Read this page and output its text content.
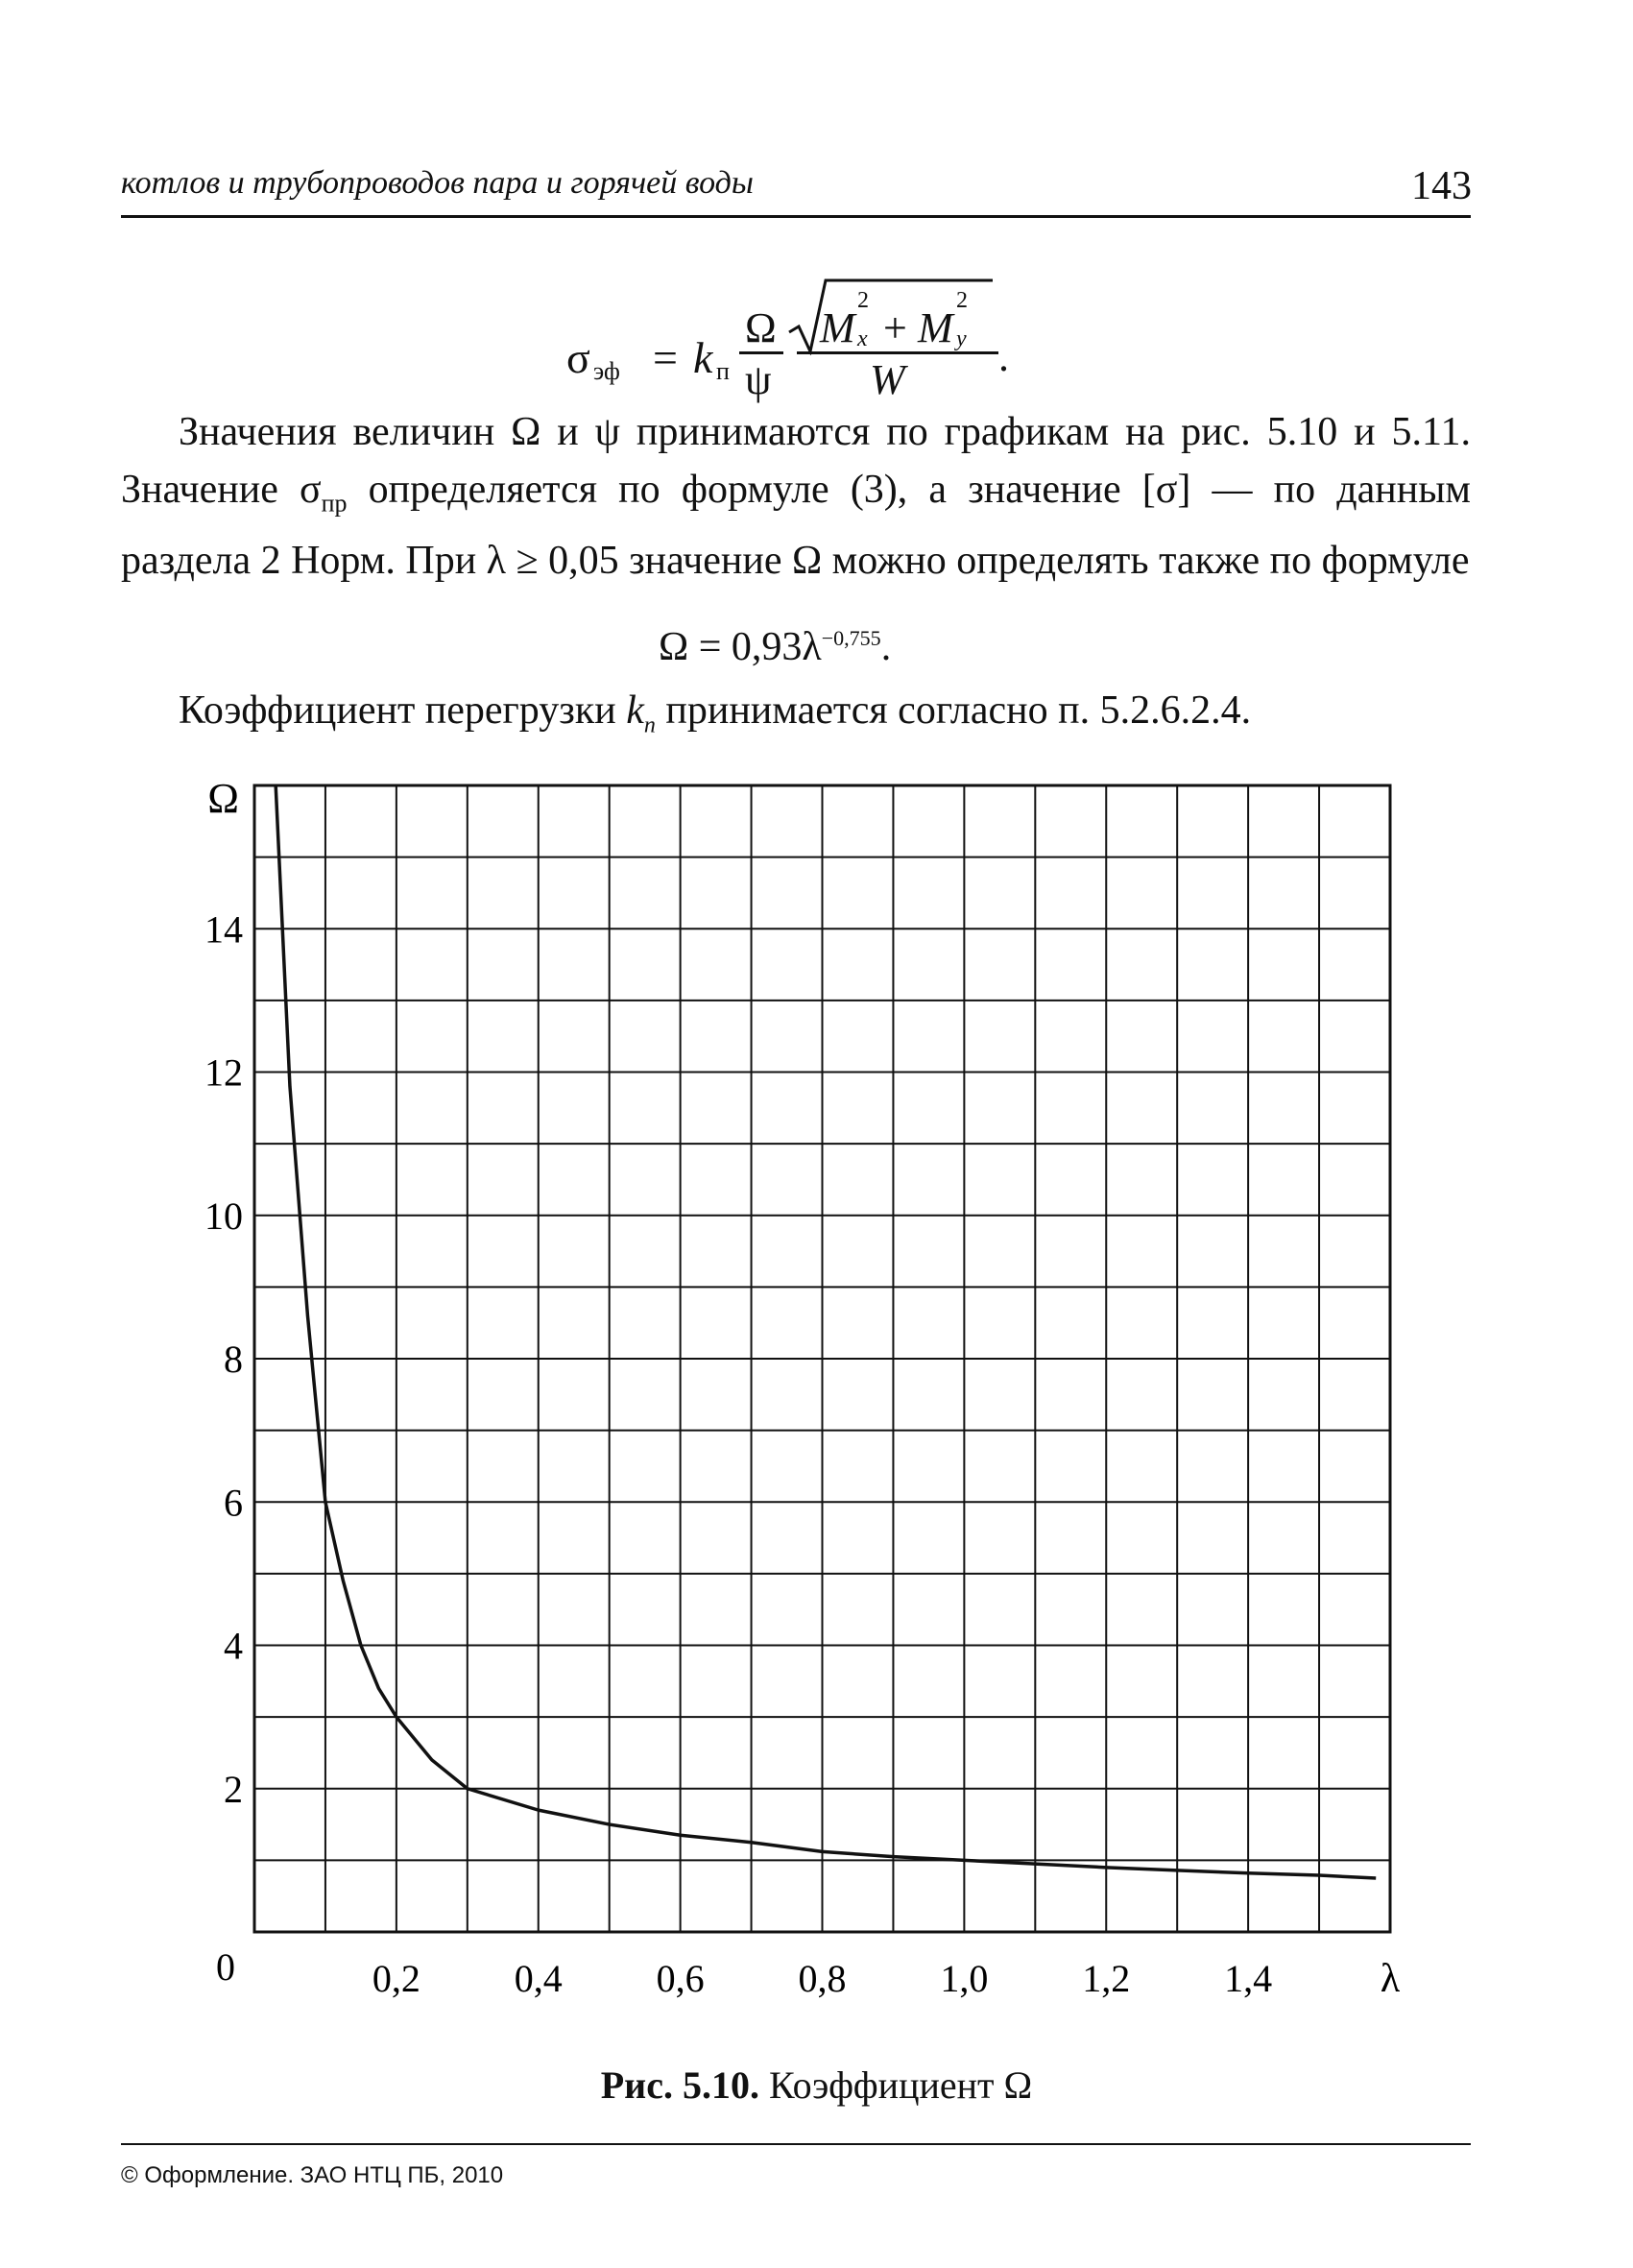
котлов и трубопроводов пара и горячей воды	143
σ эф = k п
Ω
ψ
M
2
x + M
2
y
W .
Значения величин Ω и ψ принимаются по графикам на рис. 5.10 и 5.11. Значение $\sigma_{пр}$ определяется по формуле (3), а значение [σ] — по данным раздела 2 Норм. При λ ≥ 0,05 значение Ω можно определять также по формуле
$\Omega = 0,93\lambda^{-0,755}$.
Коэффициент перегрузки $k_п$ принимается согласно п. 5.2.6.2.4.
0,2 0,4 0,6 0,8 1,0 1,2 1,4
2
4
6
8
10
12
14
0	λ
Ω
Рис. 5.10. Коэффициент Ω
© Оформление. ЗАО НТЦ ПБ, 2010
